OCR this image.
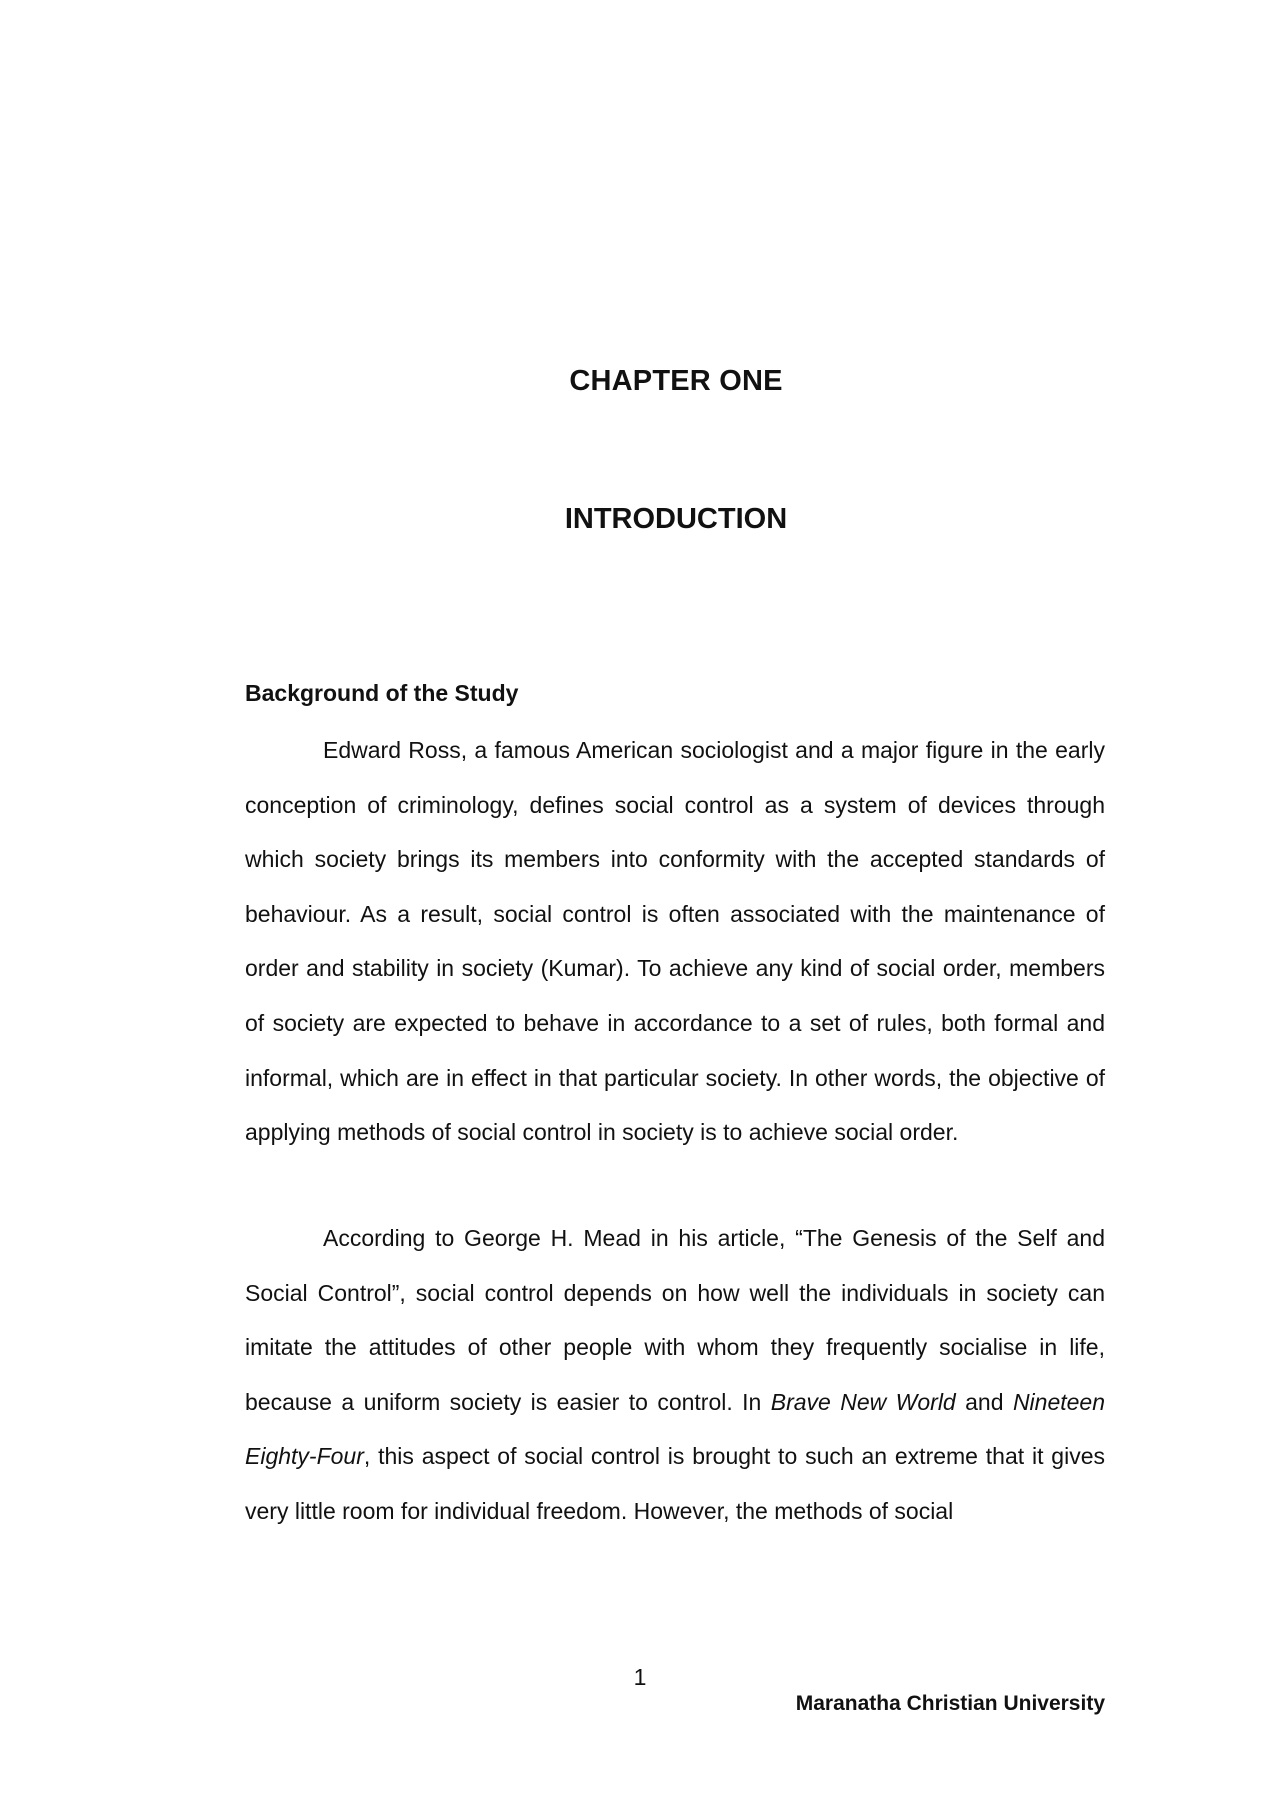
CHAPTER ONE
INTRODUCTION
Background of the Study

Edward Ross, a famous American sociologist and a major figure in the early conception of criminology, defines social control as a system of devices through which society brings its members into conformity with the accepted standards of behaviour. As a result, social control is often associated with the maintenance of order and stability in society (Kumar). To achieve any kind of social order, members of society are expected to behave in accordance to a set of rules, both formal and informal, which are in effect in that particular society. In other words, the objective of applying methods of social control in society is to achieve social order.

According to George H. Mead in his article, “The Genesis of the Self and Social Control”, social control depends on how well the individuals in society can imitate the attitudes of other people with whom they frequently socialise in life, because a uniform society is easier to control. In Brave New World and Nineteen Eighty-Four, this aspect of social control is brought to such an extreme that it gives very little room for individual freedom. However, the methods of social

1
Maranatha Christian University
